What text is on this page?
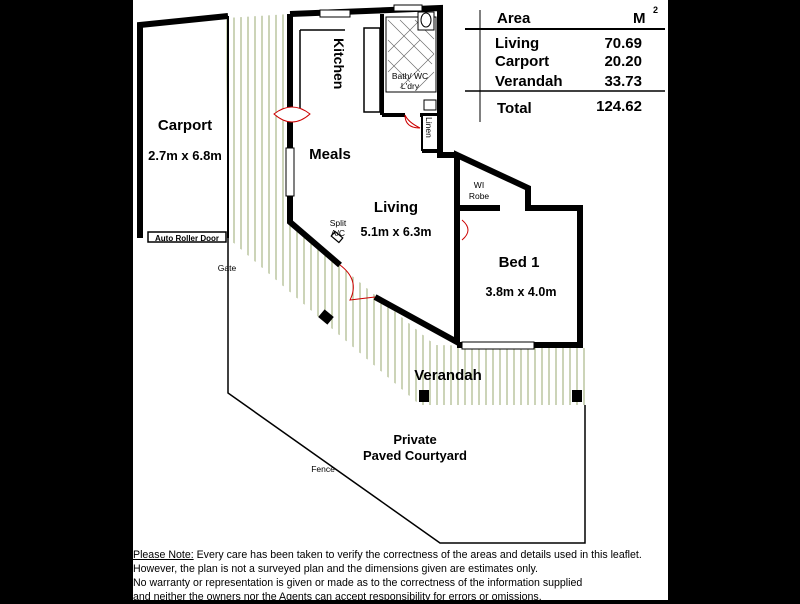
Area	M 2
Living	70.69
Carport	20.20
Verandah	33.73
Total	124.62
Carport
2.7m x 6.8m
Kitchen	Bath/ WC
L'dry
Linen
Meals
Living
5.1m x 6.3m
WI
Robe
Bed 1
3.8m x 4.0m
Verandah
Private
Paved Courtyard
Auto Roller Door
Gate
Split
A/C
Fence
Please Note: Every care has been taken to verify the correctness of the areas and details used in this leaflet.
However, the plan is not a surveyed plan and the dimensions given are estimates only.
No warranty or representation is given or made as to the correctness of the information supplied
and neither the owners nor the Agents can accept responsibility for errors or omissions.
